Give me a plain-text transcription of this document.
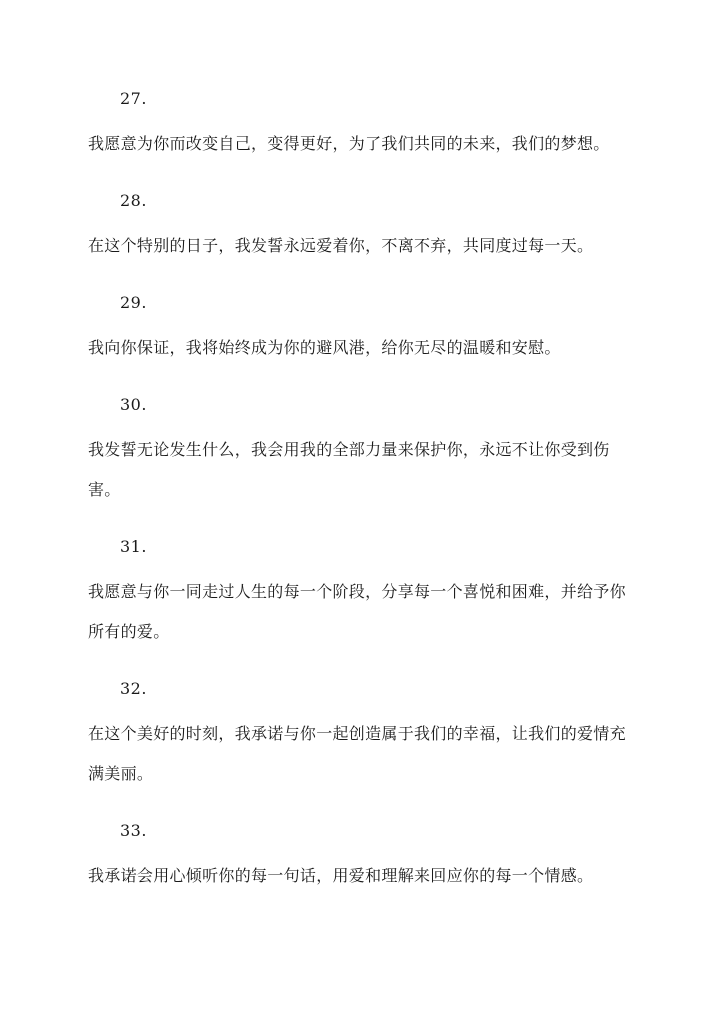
27.
我愿意为你而改变自己，变得更好，为了我们共同的未来，我们的梦想。
28.
在这个特别的日子，我发誓永远爱着你，不离不弃，共同度过每一天。
29.
我向你保证，我将始终成为你的避风港，给你无尽的温暖和安慰。
30.
我发誓无论发生什么，我会用我的全部力量来保护你，永远不让你受到伤害。
31.
我愿意与你一同走过人生的每一个阶段，分享每一个喜悦和困难，并给予你所有的爱。
32.
在这个美好的时刻，我承诺与你一起创造属于我们的幸福，让我们的爱情充满美丽。
33.
我承诺会用心倾听你的每一句话，用爱和理解来回应你的每一个情感。
